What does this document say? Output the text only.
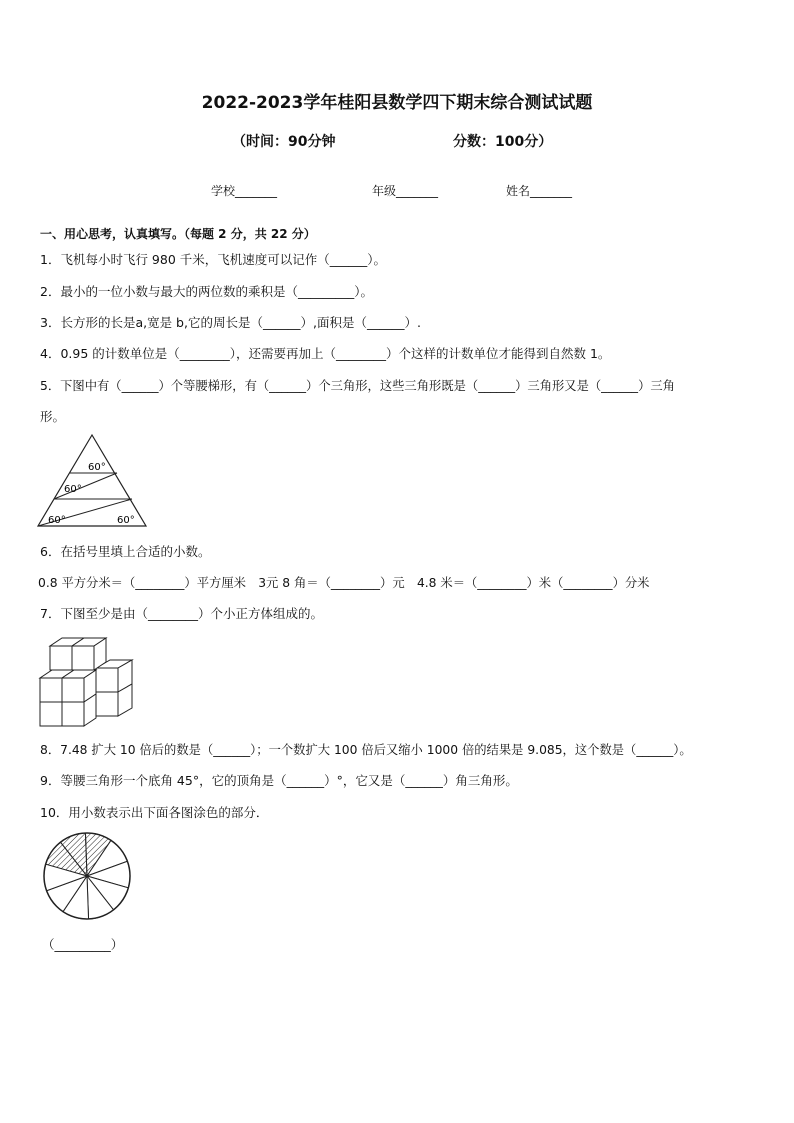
2022-2023学年桂阳县数学四下期末综合测试试题
（时间：90分钟	分数：100分）
学校_______	年级_______	姓名_______
一、用心思考，认真填写。（每题 2 分，共 22 分）
1．飞机每小时飞行 980 千米，飞机速度可以记作（______）。
2．最小的一位小数与最大的两位数的乘积是（_________）。
3．长方形的长是a,宽是 b,它的周长是（______）,面积是（______）.
4．0.95 的计数单位是（________），还需要再加上（________）个这样的计数单位才能得到自然数 1。
5．下图中有（______）个等腰梯形，有（______）个三角形，这些三角形既是（______）三角形又是（______）三角
形。
60°
60°
60°	60°
6．在括号里填上合适的小数。
0.8 平方分米＝（________）平方厘米　3元 8 角＝（________）元　4.8 米＝（________）米（________）分米
7．下图至少是由（________）个小正方体组成的。
8．7.48 扩大 10 倍后的数是（______）；一个数扩大 100 倍后又缩小 1000 倍的结果是 9.085，这个数是（______）。
9．等腰三角形一个底角 45°，它的顶角是（______）°，它又是（______）角三角形。
10．用小数表示出下面各图涂色的部分．
（_________）
